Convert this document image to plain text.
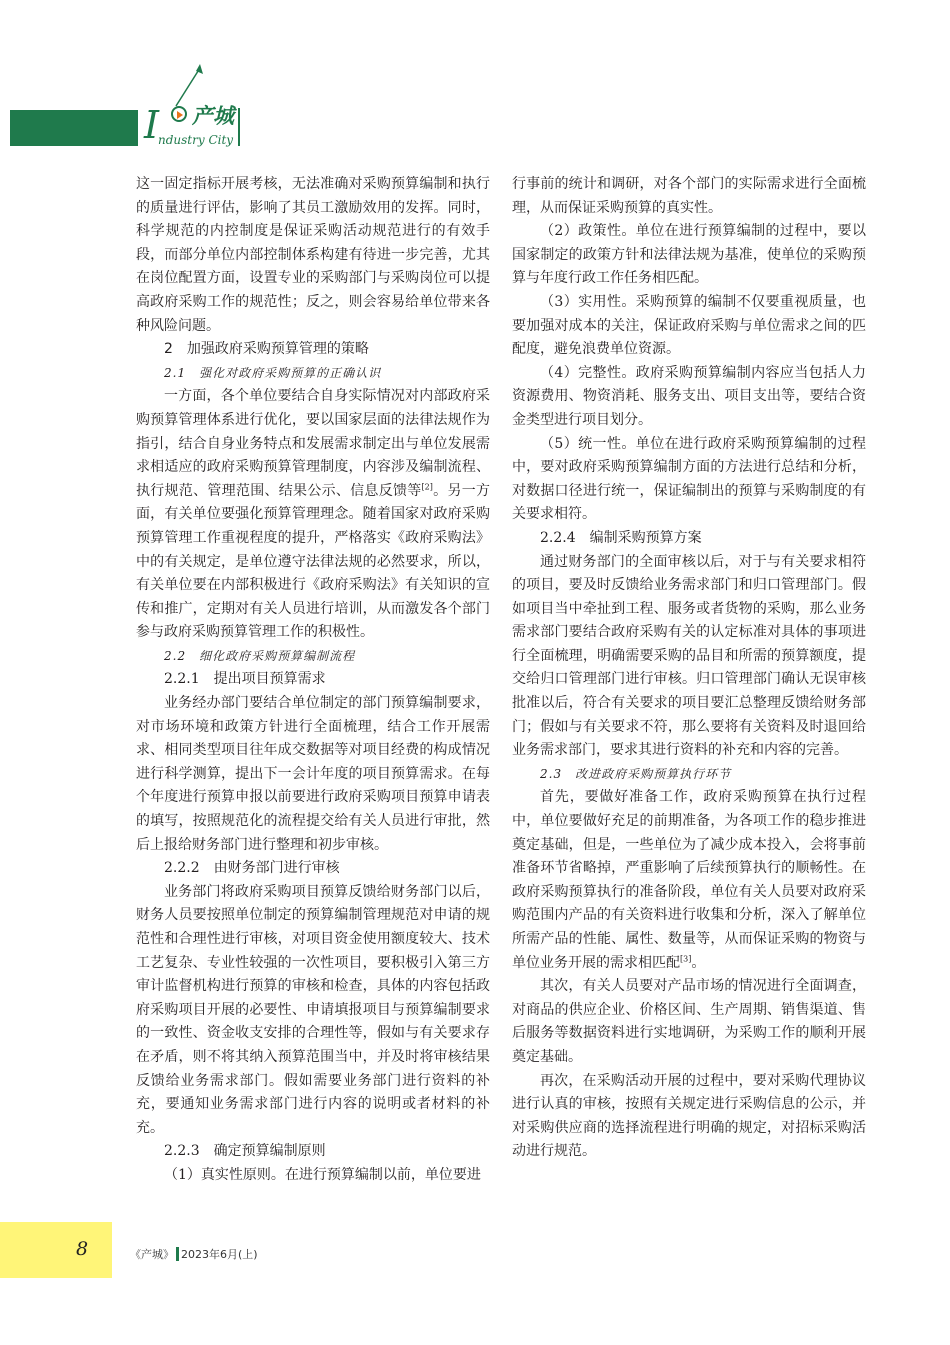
I 产城
ndustry City

这一固定指标开展考核，无法准确对采购预算编制和执行的质量进行评估，影响了其员工激励效用的发挥。同时，科学规范的内控制度是保证采购活动规范进行的有效手段，而部分单位内部控制体系构建有待进一步完善，尤其在岗位配置方面，设置专业的采购部门与采购岗位可以提高政府采购工作的规范性；反之，则会容易给单位带来各种风险问题。

2　加强政府采购预算管理的策略
2.1　强化对政府采购预算的正确认识

一方面，各个单位要结合自身实际情况对内部政府采购预算管理体系进行优化，要以国家层面的法律法规作为指引，结合自身业务特点和发展需求制定出与单位发展需求相适应的政府采购预算管理制度，内容涉及编制流程、执行规范、管理范围、结果公示、信息反馈等[2]。另一方面，有关单位要强化预算管理理念。随着国家对政府采购预算管理工作重视程度的提升，严格落实《政府采购法》中的有关规定，是单位遵守法律法规的必然要求，所以，有关单位要在内部积极进行《政府采购法》有关知识的宣传和推广，定期对有关人员进行培训，从而激发各个部门参与政府采购预算管理工作的积极性。

2.2　细化政府采购预算编制流程
2.2.1　提出项目预算需求

业务经办部门要结合单位制定的部门预算编制要求，对市场环境和政策方针进行全面梳理，结合工作开展需求、相同类型项目往年成交数据等对项目经费的构成情况进行科学测算，提出下一会计年度的项目预算需求。在每个年度进行预算申报以前要进行政府采购项目预算申请表的填写，按照规范化的流程提交给有关人员进行审批，然后上报给财务部门进行整理和初步审核。

2.2.2　由财务部门进行审核

业务部门将政府采购项目预算反馈给财务部门以后，财务人员要按照单位制定的预算编制管理规范对申请的规范性和合理性进行审核，对项目资金使用额度较大、技术工艺复杂、专业性较强的一次性项目，要积极引入第三方审计监督机构进行预算的审核和检查，具体的内容包括政府采购项目开展的必要性、申请填报项目与预算编制要求的一致性、资金收支安排的合理性等，假如与有关要求存在矛盾，则不将其纳入预算范围当中，并及时将审核结果反馈给业务需求部门。假如需要业务部门进行资料的补充，要通知业务需求部门进行内容的说明或者材料的补充。

2.2.3　确定预算编制原则

（1）真实性原则。在进行预算编制以前，单位要进

行事前的统计和调研，对各个部门的实际需求进行全面梳理，从而保证采购预算的真实性。

（2）政策性。单位在进行预算编制的过程中，要以国家制定的政策方针和法律法规为基准，使单位的采购预算与年度行政工作任务相匹配。

（3）实用性。采购预算的编制不仅要重视质量，也要加强对成本的关注，保证政府采购与单位需求之间的匹配度，避免浪费单位资源。

（4）完整性。政府采购预算编制内容应当包括人力资源费用、物资消耗、服务支出、项目支出等，要结合资金类型进行项目划分。

（5）统一性。单位在进行政府采购预算编制的过程中，要对政府采购预算编制方面的方法进行总结和分析，对数据口径进行统一，保证编制出的预算与采购制度的有关要求相符。

2.2.4　编制采购预算方案

通过财务部门的全面审核以后，对于与有关要求相符的项目，要及时反馈给业务需求部门和归口管理部门。假如项目当中牵扯到工程、服务或者货物的采购，那么业务需求部门要结合政府采购有关的认定标准对具体的事项进行全面梳理，明确需要采购的品目和所需的预算额度，提交给归口管理部门进行审核。归口管理部门确认无误审核批准以后，符合有关要求的项目要汇总整理反馈给财务部门；假如与有关要求不符，那么要将有关资料及时退回给业务需求部门，要求其进行资料的补充和内容的完善。

2.3　改进政府采购预算执行环节

首先，要做好准备工作，政府采购预算在执行过程中，单位要做好充足的前期准备，为各项工作的稳步推进奠定基础，但是，一些单位为了减少成本投入，会将事前准备环节省略掉，严重影响了后续预算执行的顺畅性。在政府采购预算执行的准备阶段，单位有关人员要对政府采购范围内产品的有关资料进行收集和分析，深入了解单位所需产品的性能、属性、数量等，从而保证采购的物资与单位业务开展的需求相匹配[3]。

其次，有关人员要对产品市场的情况进行全面调查，对商品的供应企业、价格区间、生产周期、销售渠道、售后服务等数据资料进行实地调研，为采购工作的顺利开展奠定基础。

再次，在采购活动开展的过程中，要对采购代理协议进行认真的审核，按照有关规定进行采购信息的公示，并对采购供应商的选择流程进行明确的规定，对招标采购活动进行规范。

8	《产城》 2023年6月(上)
